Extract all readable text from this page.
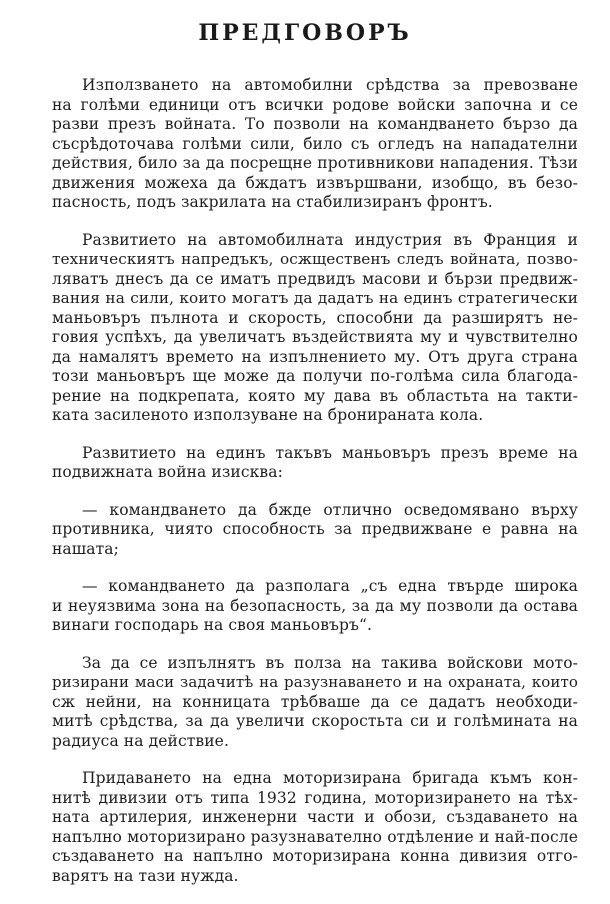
ПРЕДГОВОРЪ
Използването на автомобилни срѣдства за превозване
на голѣми единици отъ всички родове войски започна и се
разви презъ войната. То позволи на командването бързо да
съсрѣдоточава голѣми сили, било съ огледъ на нападателни
действия, било за да посрещне противникови нападения. Тѣзи
движения можеха да бждатъ извършвани, изобщо, въ безо-
пасность, подъ закрилата на стабилизиранъ фронтъ.
Развитието на автомобилната индустрия въ Франция и
техническиятъ напредъкъ, осжщественъ следъ войната, позво-
ляватъ днесъ да се иматъ предвидъ масови и бързи предвиж-
вания на сили, които могатъ да дадатъ на единъ стратегически
маньовъръ пълнота и скорость, способни да разширятъ не-
говия успѣхъ, да увеличатъ въздействията му и чувствително
да намалятъ времето на изпълнението му. Отъ друга страна
този маньовъръ ще може да получи по-голѣма сила благода-
рение на подкрепата, която му дава въ областьта на такти-
ката засиленото използуване на бронираната кола.
Развитието на единъ такъвъ маньовъръ презъ време на
подвижната война изисква:
— командването да бжде отлично осведомявано върху
противника, чиято способность за предвижване е равна на
нашата;
— командването да разполага „съ една твърде широка
и неуязвима зона на безопасность, за да му позволи да остава
винаги господарь на своя маньовъръ“.
За да се изпълнятъ въ полза на такива войскови мото-
ризирани маси задачитѣ на разузнаването и на охраната, които
сж нейни, на конницата трѣбваше да се дадатъ необходи-
митѣ срѣдства, за да увеличи скоростьта си и голѣмината на
радиуса на действие.
Придаването на една моторизирана бригада къмъ кон-
нитѣ дивизии отъ типа 1932 година, моторизирането на тѣх-
ната артилерия, инженерни части и обози, създаването на
напълно моторизирано разузнавателно отдѣление и най-после
създаването на напълно моторизирана конна дивизия отго-
варятъ на тази нужда.
